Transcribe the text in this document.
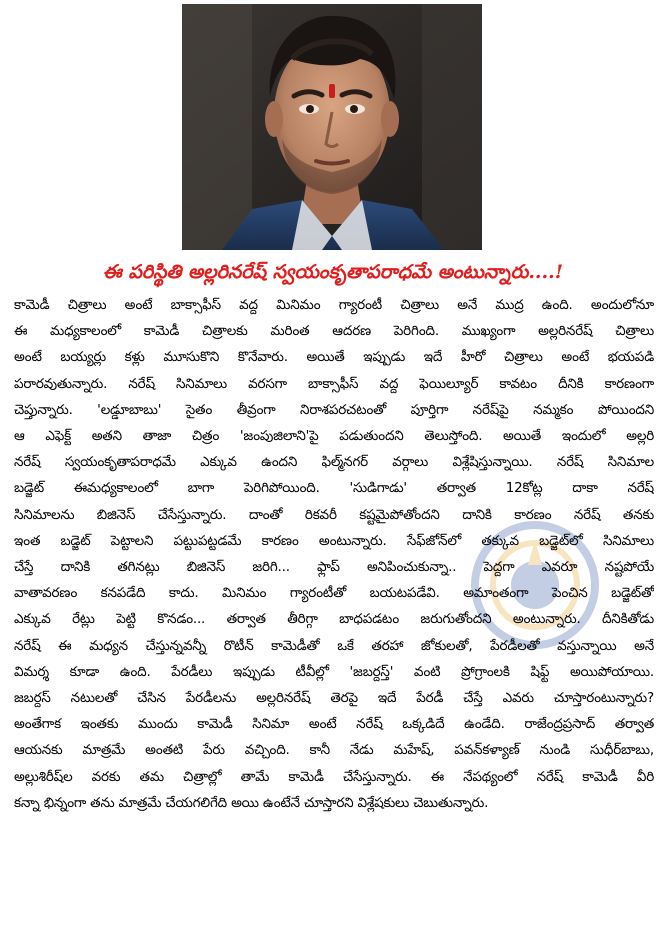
ఈ పరిస్థితి అల్లరినరేష్ స్వయంకృతాపరాధమే అంటున్నారు....!

కామెడీ చిత్రాలు అంటే బాక్సాఫీస్ వద్ద మినిమం గ్యారంటీ చిత్రాలు అనే ముద్ర ఉంది. అందులోనూ

ఈ మధ్యకాలంలో కామెడీ చిత్రాలకు మరింత ఆదరణ పెరిగింది. ముఖ్యంగా అల్లరినరేష్ చిత్రాలు

అంటే బయ్యర్లు కళ్లు మూసుకొని కొనేవారు. అయితే ఇప్పుడు ఇదే హీరో చిత్రాలు అంటే భయపడి

పరారవుతున్నారు. నరేష్ సినిమాలు వరసగా బాక్సాఫీస్ వద్ద ఫెయిల్యూర్ కావటం దీనికి కారణంగా

చెప్తున్నారు. 'లడ్డూబాబు' సైతం తీవ్రంగా నిరాశపరచటంతో పూర్తిగా నరేష్‌పై నమ్మకం పోయిందని

ఆ ఎఫెక్ట్ అతని తాజా చిత్రం 'జంపుజిలాని'పై పడుతుందని తెలుస్తోంది. అయితే ఇందులో అల్లరి

నరేష్ స్వయంకృతాపరాధమే ఎక్కువ ఉందని ఫిల్మ్‌నగర్ వర్గాలు విశ్లేషిస్తున్నాయి. నరేష్ సినిమాల

బడ్జెట్ ఈమధ్యకాలంలో బాగా పెరిగిపోయింది. 'సుడిగాడు' తర్వాత 12కోట్ల దాకా నరేష్

సినిమాలను బిజినెస్ చేసేస్తున్నారు. దాంతో రికవరీ కష్టమైపోతోందని దానికి కారణం నరేష్ తనకు

ఇంత బడ్జెట్ పెట్టాలని పట్టుపట్టడమే కారణం అంటున్నారు. సేఫ్‌జోన్‌లో తక్కువ బడ్జెట్‌లో సినిమాలు

చేస్తే దానికి తగినట్లు బిజినెస్ జరిగి... ఫ్లాప్ అనిపించుకున్నా.. పెద్దగా ఎవరూ నష్టపోయే

వాతావరణం కనపడేది కాదు. మినిమం గ్యారంటీతో బయటపడేవి. అమాంతంగా పెంచిన బడ్జెట్‌తో

ఎక్కువ రేట్లు పెట్టి కొనడం... తర్వాత తీరిగ్గా బాధపడటం జరుగుతోందని అంటున్నారు. దీనికితోడు

నరేష్ ఈ మధ్యన చేస్తున్నవన్నీ రొటీన్ కామెడీతో ఒకే తరహా జోకులతో, పేరడీలతో వస్తున్నాయి అనే

విమర్శ కూడా ఉంది. పేరడీలు ఇప్పుడు టీవీల్లో 'జబర్దస్త్' వంటి ప్రోగ్రాంలకి షిఫ్ట్ అయిపోయాయి.

జబర్దస్ నటులతో చేసిన పేరడీలను అల్లరినరేష్ తెరపై ఇదే పేరడీ చేస్తే ఎవరు చూస్తారంటున్నారు?

అంతేగాక ఇంతకు ముందు కామెడీ సినిమా అంటే నరేష్ ఒక్కడిదే ఉండేది. రాజేంద్రప్రసాద్ తర్వాత

ఆయనకు మాత్రమే అంతటి పేరు వచ్చింది. కానీ నేడు మహేష్, పవన్‌కళ్యాణ్ నుండి సుధీర్‌బాబు,

అల్లుశిరీష్‌ల వరకు తమ చిత్రాల్లో తామే కామెడీ చేసేస్తున్నారు. ఈ నేపథ్యంలో నరేష్ కామెడీ వీరి

కన్నా భిన్నంగా తను మాత్రమే చేయగలిగేది అయి ఉంటేనే చూస్తారని విశ్లేషకులు చెబుతున్నారు.
